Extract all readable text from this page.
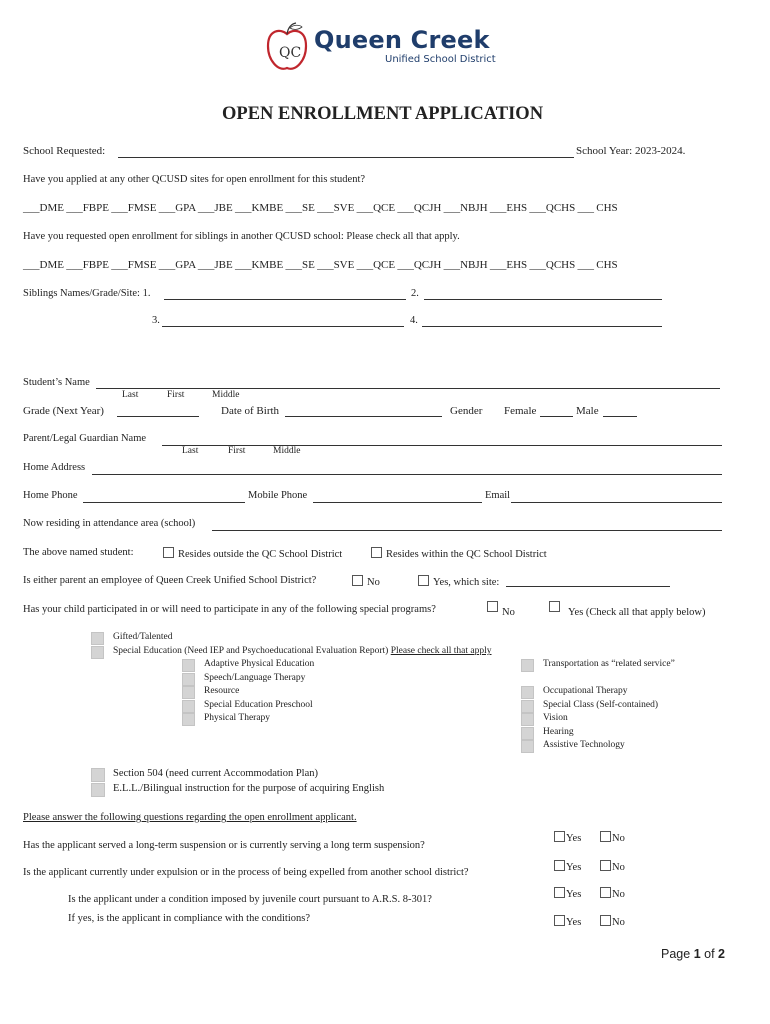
QC Queen Creek
Unified School District
OPEN ENROLLMENT APPLICATION
School Requested:	School Year: 2023-2024.
Have you applied at any other QCUSD sites for open enrollment for this student?
___DME ___FBPE ___FMSE ___GPA ___JBE ___KMBE ___SE ___SVE ___QCE ___QCJH ___NBJH ___EHS ___QCHS ___ CHS
Have you requested open enrollment for siblings in another QCUSD school: Please check all that apply.
___DME ___FBPE ___FMSE ___GPA ___JBE ___KMBE ___SE ___SVE ___QCE ___QCJH ___NBJH ___EHS ___QCHS ___ CHS
Siblings Names/Grade/Site: 1.	2.
3.	4.
Student’s Name
Last	First	Middle
Grade (Next Year)	Date of Birth	Gender Female	Male
Parent/Legal Guardian Name
Last	First	Middle
Home Address
Home Phone	Mobile Phone	Email
Now residing in attendance area (school)
The above named student:	Resides outside the QC School District	Resides within the QC School District
Is either parent an employee of Queen Creek Unified School District?	No	Yes, which site:
Has your child participated in or will need to participate in any of the following special programs?	No	Yes (Check all that apply below)
Gifted/Talented
Special Education (Need IEP and Psychoeducational Evaluation Report) Please check all that apply
Adaptive Physical Education
Speech/Language Therapy
Resource
Special Education Preschool
Physical Therapy
Transportation as “related service”
Occupational Therapy
Special Class (Self-contained)
Vision
Hearing
Assistive Technology
Section 504 (need current Accommodation Plan)
E.L.L./Bilingual instruction for the purpose of acquiring English
Please answer the following questions regarding the open enrollment applicant.
Has the applicant served a long-term suspension or is currently serving a long term suspension?
Yes	No
Is the applicant currently under expulsion or in the process of being expelled from another school district?	Yes	No
Is the applicant under a condition imposed by juvenile court pursuant to A.R.S. 8-301?	Yes	No
If yes, is the applicant in compliance with the conditions?	Yes	No
Page 1 of 2
